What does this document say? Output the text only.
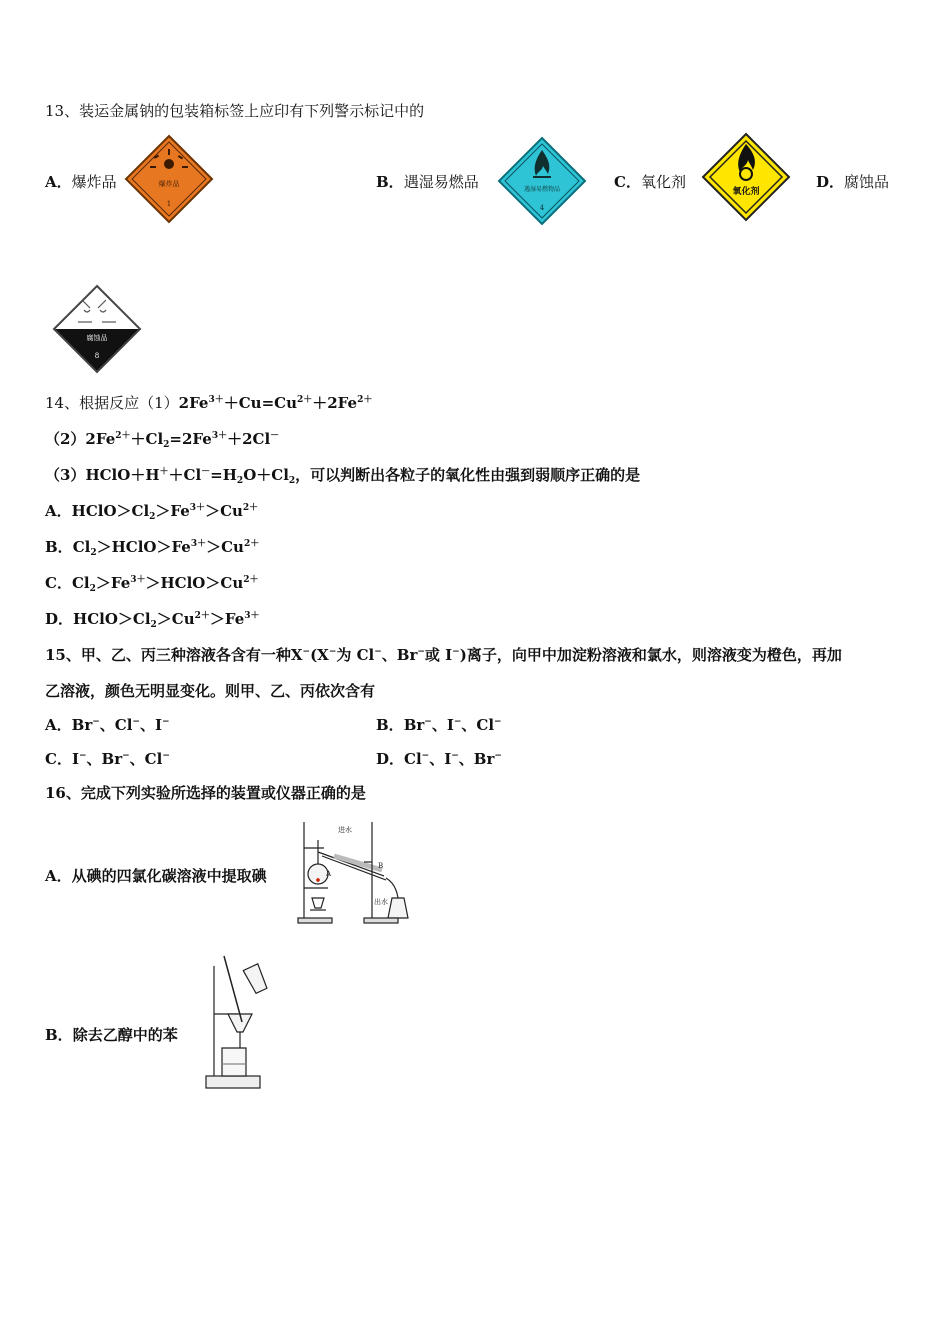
13、装运金属钠的包装箱标签上应印有下列警示标记中的
A．爆炸品	爆炸品
1
B．遇湿易燃品	遇湿易燃物品
4
C．氧化剂
氧化剂
D．腐蚀品
腐蚀品
8
14、根据反应$(1)2Fe^{3+}+Cu=Cu^{2+}+2Fe^{2+}$
$(2)2Fe^{2+}+Cl_2=2Fe^{3+}+2Cl^-$
$(3)HClO+H^++Cl^-=H_2O+Cl_2$，可以判断出各粒子的氧化性由强到弱顺序正确的是
A．$HClO>Cl_2>Fe^{3+}>Cu^{2+}$
B．$Cl_2>HClO>Fe^{3+}>Cu^{2+}$
C．$Cl_2>Fe^{3+}>HClO>Cu^{2+}$
D．$HClO>Cl_2>Cu^{2+}>Fe^{3+}$
15、甲、乙、丙三种溶液各含有一种X−(X−为 Cl−、Br−或 I−)离子，向甲中加淀粉溶液和氯水，则溶液变为橙色，再加
乙溶液，颜色无明显变化。则甲、乙、丙依次含有
A．Br−、Cl−、I−	B．Br−、I−、Cl−
C．I−、Br−、Cl−	D．Cl−、I−、Br−
16、完成下列实验所选择的装置或仪器正确的是
A．从碘的四氯化碳溶液中提取碘
进水
出水
A
B
B．除去乙醇中的苯
